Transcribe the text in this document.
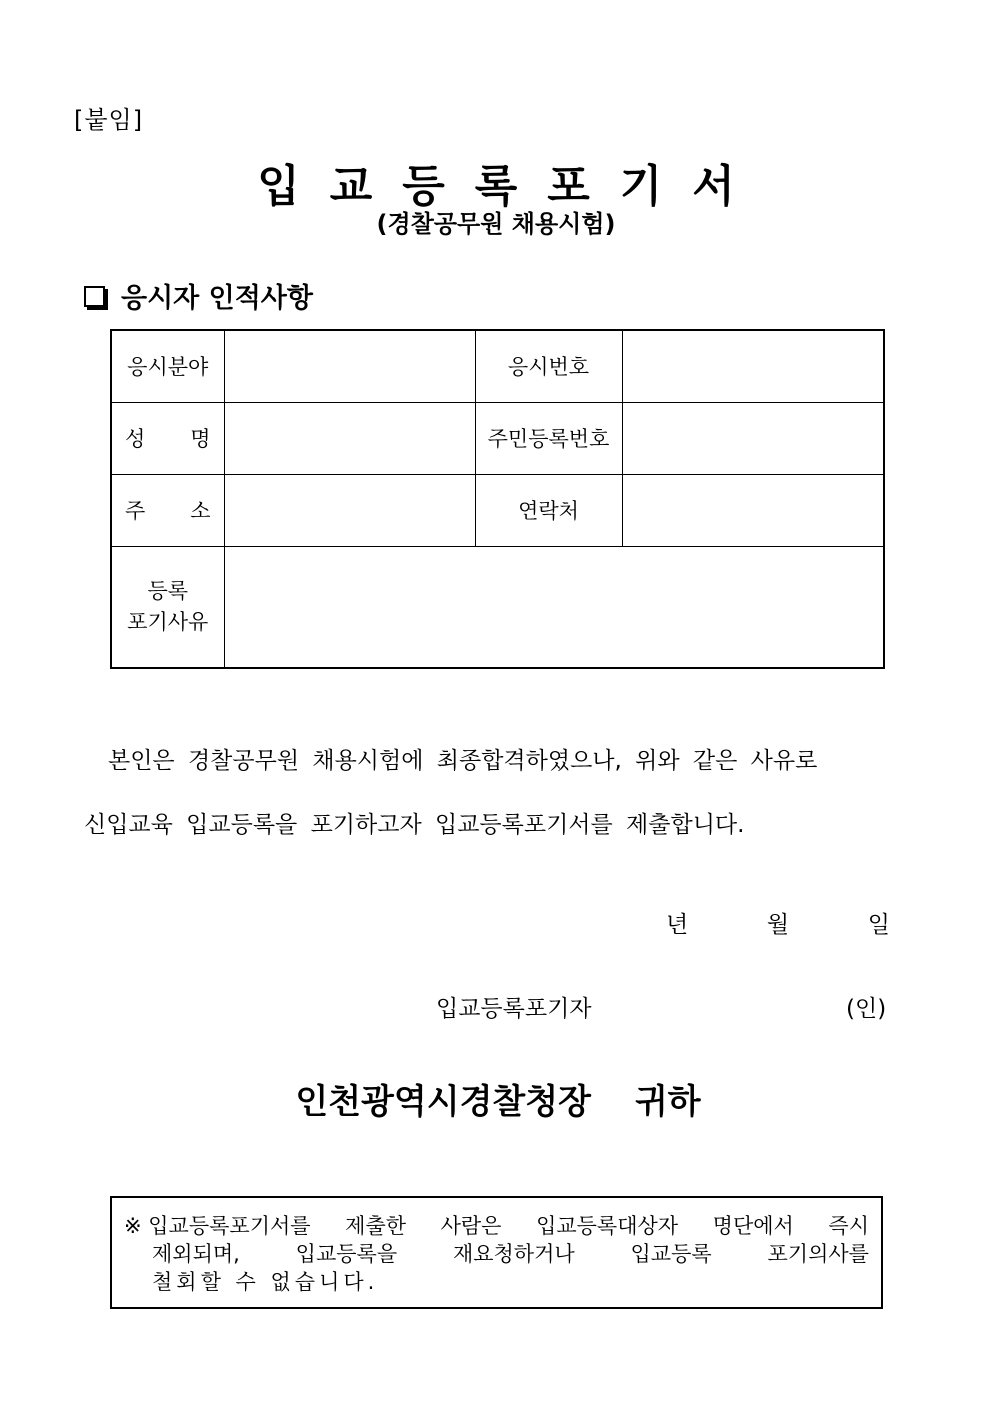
[붙임]
입교등록포기서
(경찰공무원 채용시험)
응시자 인적사항
응시분야		응시번호	

성 명		주민등록번호	

주 소		연락처	

등록
포기사유			

본인은 경찰공무원 채용시험에 최종합격하였으나, 위와 같은 사유로
신입교육 입교등록을 포기하고자 입교등록포기서를 제출합니다.
년	월	일
입교등록포기자	(인)
인천광역시경찰청장 귀하
※ 입교등록포기서를 제출한 사람은 입교등록대상자 명단에서 즉시
제외되며,	입교등록을	재요청하거나	입교등록	포기의사를
철회할 수 없습니다.
